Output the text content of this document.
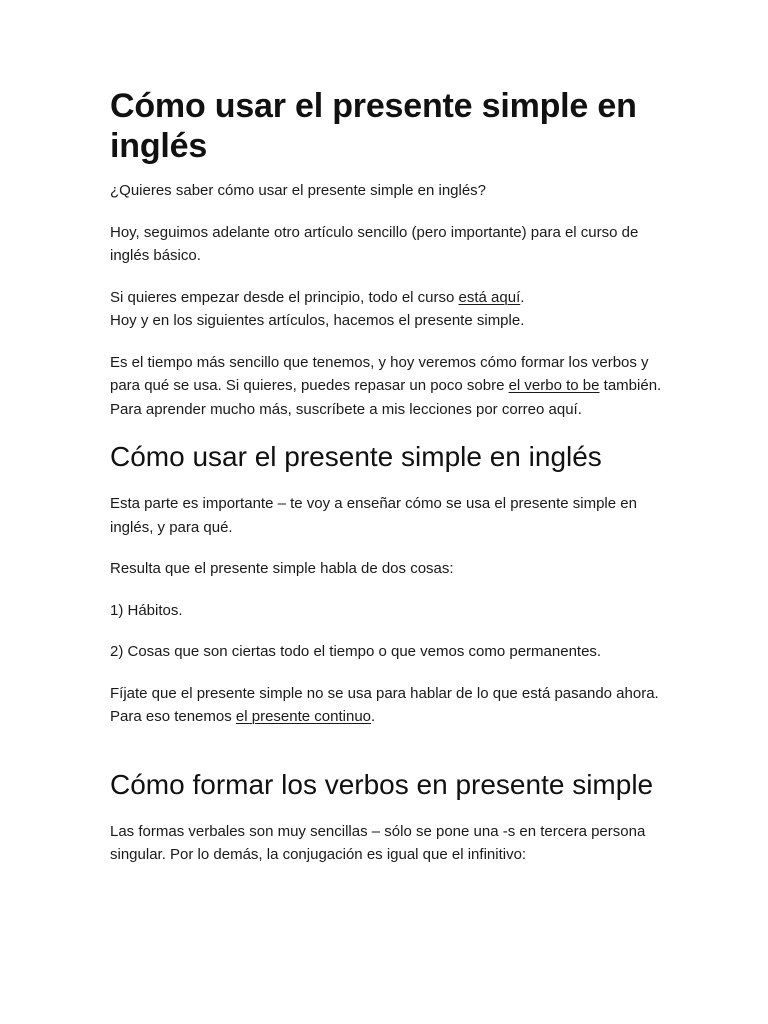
Cómo usar el presente simple en inglés

¿Quieres saber cómo usar el presente simple en inglés?

Hoy, seguimos adelante otro artículo sencillo (pero importante) para el curso de inglés básico.

Si quieres empezar desde el principio, todo el curso está aquí.
Hoy y en los siguientes artículos, hacemos el presente simple.

Es el tiempo más sencillo que tenemos, y hoy veremos cómo formar los verbos y para qué se usa. Si quieres, puedes repasar un poco sobre el verbo to be también.
Para aprender mucho más, suscríbete a mis lecciones por correo aquí.

Cómo usar el presente simple en inglés

Esta parte es importante – te voy a enseñar cómo se usa el presente simple en inglés, y para qué.

Resulta que el presente simple habla de dos cosas:

1) Hábitos.

2) Cosas que son ciertas todo el tiempo o que vemos como permanentes.

Fíjate que el presente simple no se usa para hablar de lo que está pasando ahora. Para eso tenemos el presente continuo.

Cómo formar los verbos en presente simple

Las formas verbales son muy sencillas – sólo se pone una -s en tercera persona singular. Por lo demás, la conjugación es igual que el infinitivo:
